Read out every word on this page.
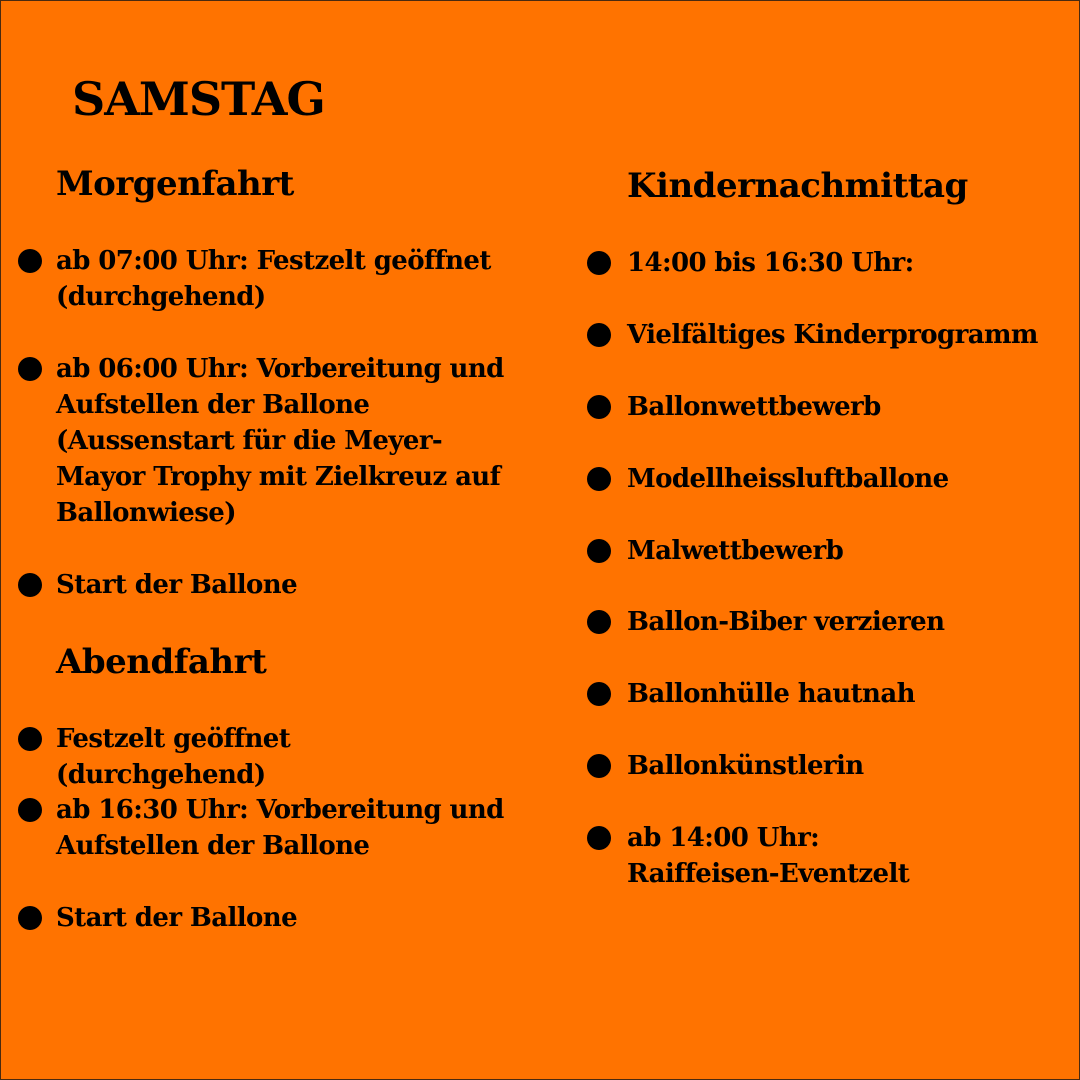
SAMSTAG
Morgenfahrt
ab 07:00 Uhr: Festzelt geöffnet (durchgehend)
ab 06:00 Uhr: Vorbereitung und Aufstellen der Ballone (Aussenstart für die Meyer-Mayor Trophy mit Zielkreuz auf Ballonwiese)
Start der Ballone
Abendfahrt
Festzelt geöffnet (durchgehend)
ab 16:30 Uhr: Vorbereitung und Aufstellen der Ballone
Start der Ballone
Kindernachmittag
14:00 bis 16:30 Uhr:
Vielfältiges Kinderprogramm
Ballonwettbewerb
Modellheissluftballone
Malwettbewerb
Ballon-Biber verzieren
Ballonhülle hautnah
Ballonkünstlerin
ab 14:00 Uhr: Raiffeisen-Eventzelt
